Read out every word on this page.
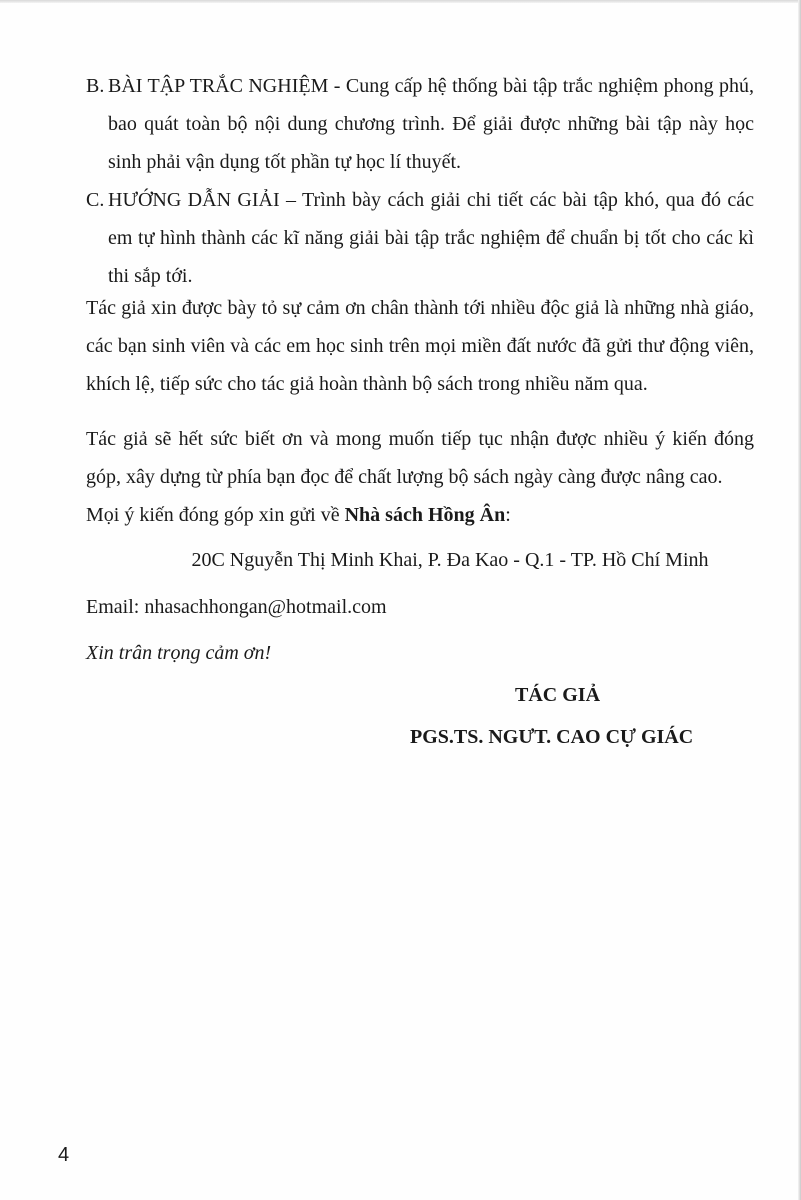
B. BÀI TẬP TRẮC NGHIỆM - Cung cấp hệ thống bài tập trắc nghiệm phong phú, bao quát toàn bộ nội dung chương trình. Để giải được những bài tập này học sinh phải vận dụng tốt phần tự học lí thuyết.
C. HƯỚNG DẪN GIẢI – Trình bày cách giải chi tiết các bài tập khó, qua đó các em tự hình thành các kĩ năng giải bài tập trắc nghiệm để chuẩn bị tốt cho các kì thi sắp tới.
Tác giả xin được bày tỏ sự cảm ơn chân thành tới nhiều độc giả là những nhà giáo, các bạn sinh viên và các em học sinh trên mọi miền đất nước đã gửi thư động viên, khích lệ, tiếp sức cho tác giả hoàn thành bộ sách trong nhiều năm qua.
Tác giả sẽ hết sức biết ơn và mong muốn tiếp tục nhận được nhiều ý kiến đóng góp, xây dựng từ phía bạn đọc để chất lượng bộ sách ngày càng được nâng cao.
Mọi ý kiến đóng góp xin gửi về Nhà sách Hồng Ân:
20C Nguyễn Thị Minh Khai, P. Đa Kao - Q.1 - TP. Hồ Chí Minh
Email: nhasachhongan@hotmail.com
Xin trân trọng cảm ơn!
TÁC GIẢ
PGS.TS. NGƯT. CAO CỰ GIÁC
4
